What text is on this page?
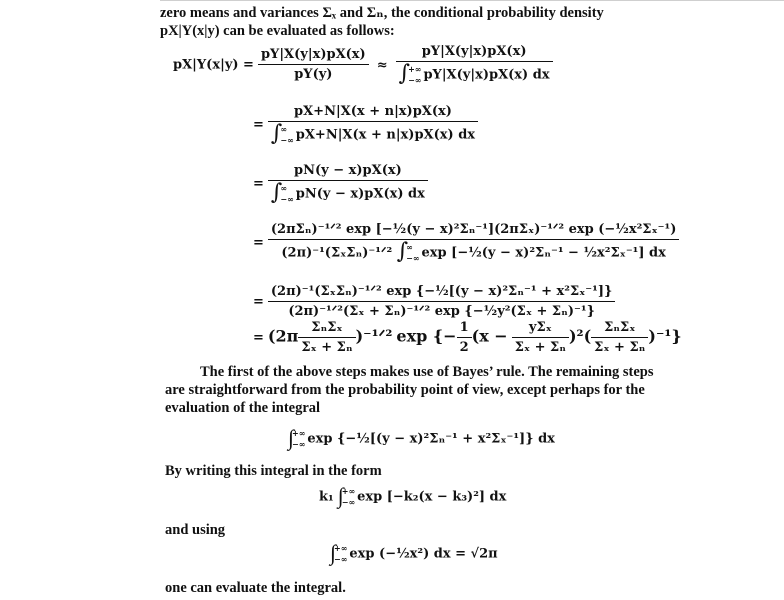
zero means and variances Σₓ and Σₙ, the conditional probability density
pX|Y(x|y) can be evaluated as follows:
$pX|Y(x|y) = \frac{pY|X(y|x)pX(x)}{pY(y)} \approx pY|X(y|x)pX(x)$
∫
+∞
−∞ pY|X(y|x)pX(x) dx
= pX+N|X(x + n|x)pX(x)
∫
∞
−∞ pX+N|X(x + n|x)pX(x) dx
= pN(y − x)pX(x)
∫
∞
−∞ pN(y − x)pX(x) dx
= (2πΣₙ)⁻¹ᐟ² exp [−½(y − x)²Σₙ⁻¹](2πΣₓ)⁻¹ᐟ² exp (−½x²Σₓ⁻¹)
(2π)⁻¹(ΣₓΣₙ)⁻¹ᐟ² ∫
∞
−∞ exp [−½(y − x)²Σₙ⁻¹ − ½x²Σₓ⁻¹] dx
= $\frac{\text{(2π)⁻¹(ΣₓΣₙ)⁻¹ᐟ² exp \{−½[(y − x)²Σₙ⁻¹ + x²Σₓ⁻¹]\}}}{\text{(2π)⁻¹ᐟ²(Σₓ + Σₙ)⁻¹ᐟ² exp \{−½y²(Σₓ + Σₙ)⁻¹\}}}$
= ($2\pi \frac{\text{ΣₙΣₓ}}{\text{Σₓ + Σₙ}}$ )⁻¹ᐟ² exp {− $\frac{1}{2} (x - \frac{\text{yΣₓ}}{\text{Σₓ + Σₙ}} )^2( \frac{\text{ΣₙΣₓ}}{\text{Σₓ + Σₙ}} )^{-1}$}
The first of the above steps makes use of Bayes’ rule. The remaining steps
are straightforward from the probability point of view, except perhaps for the
evaluation of the integral
∫
+∞
−∞ exp {−½[(y − x)²Σₙ⁻¹ + x²Σₓ⁻¹]} dx
By writing this integral in the form
k₁ ∫
+∞
−∞ exp [−k₂(x − k₃)²] dx
and using
∫
+∞
−∞ exp (−½x²) dx = √2π
one can evaluate the integral.
